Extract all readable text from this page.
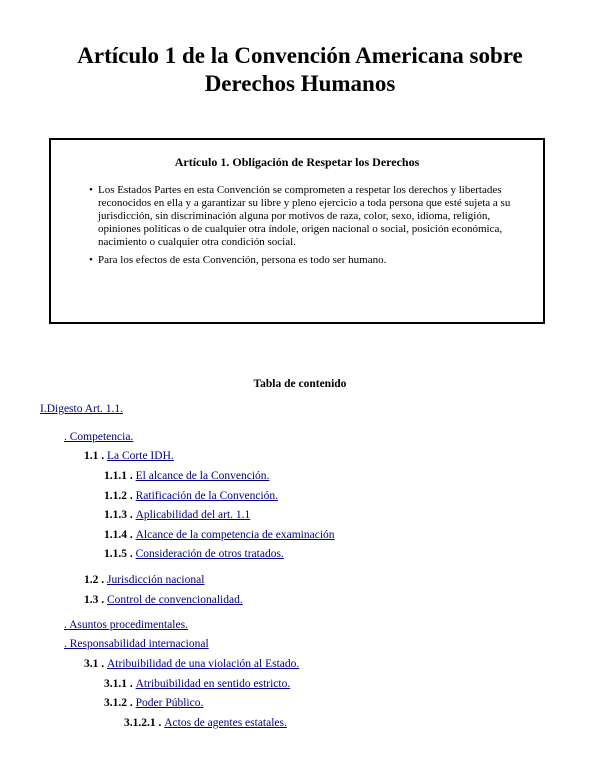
Artículo 1 de la Convención Americana sobre
Derechos Humanos
Artículo 1. Obligación de Respetar los Derechos
• Los Estados Partes en esta Convención se comprometen a respetar los derechos y libertades reconocidos en ella y a garantizar su libre y pleno ejercicio a toda persona que esté sujeta a su jurisdicción, sin discriminación alguna por motivos de raza, color, sexo, idioma, religión, opiniones políticas o de cualquier otra índole, origen nacional o social, posición económica, nacimiento o cualquier otra condición social.
• Para los efectos de esta Convención, persona es todo ser humano.
Tabla de contenido
I.Digesto Art. 1.1.
. Competencia.
1.1 . La Corte IDH.
1.1.1 . El alcance de la Convención.
1.1.2 . Ratificación de la Convención.
1.1.3 . Aplicabilidad del art. 1.1
1.1.4 . Alcance de la competencia de examinación
1.1.5 . Consideración de otros tratados.
1.2 . Jurisdicción nacional
1.3 . Control de convencionalidad.
. Asuntos procedimentales.
. Responsabilidad internacional
3.1 . Atribuibilidad de una violación al Estado.
3.1.1 . Atribuibilidad en sentido estricto.
3.1.2 . Poder Público.
3.1.2.1 . Actos de agentes estatales.
